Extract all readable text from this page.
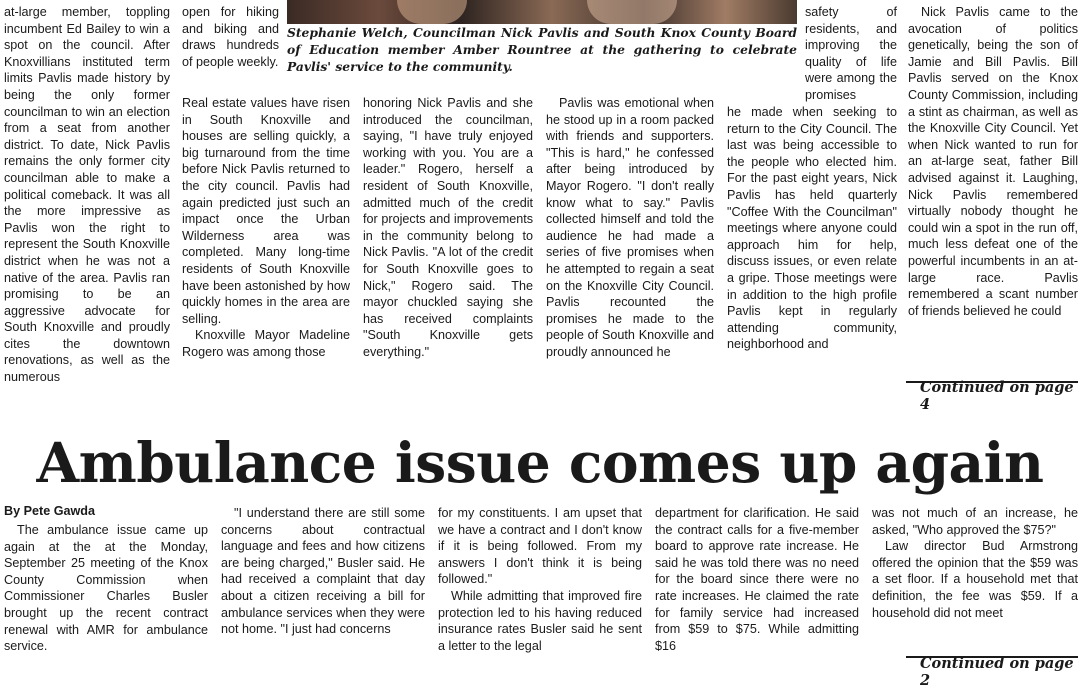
Stephanie Welch, Councilman Nick Pavlis and South Knox County Board of Education member Amber Rountree at the gathering to celebrate Pavlis' service to the community.

at-large member, toppling incumbent Ed Bailey to win a spot on the council. After Knoxvillians instituted term limits Pavlis made history by being the only former councilman to win an election from a seat from another district. To date, Nick Pavlis remains the only former city councilman able to make a political comeback. It was all the more impressive as Pavlis won the right to represent the South Knoxville district when he was not a native of the area. Pavlis ran promising to be an aggressive advocate for South Knoxville and proudly cites the downtown renovations, as well as the numerous

open for hiking and biking and draws hundreds of people weekly.

Real estate values have risen in South Knoxville and houses are selling quickly, a big turnaround from the time before Nick Pavlis returned to the city council. Pavlis had again predicted just such an impact once the Urban Wilderness area was completed. Many long-time residents of South Knoxville have been astonished by how quickly homes in the area are selling.

Knoxville Mayor Madeline Rogero was among those

honoring Nick Pavlis and she introduced the councilman, saying, "I have truly enjoyed working with you. You are a leader." Rogero, herself a resident of South Knoxville, admitted much of the credit for projects and improvements in the community belong to Nick Pavlis. "A lot of the credit for South Knoxville goes to Nick," Rogero said. The mayor chuckled saying she has received complaints "South Knoxville gets everything."

Pavlis was emotional when he stood up in a room packed with friends and supporters. "This is hard," he confessed after being introduced by Mayor Rogero. "I don't really know what to say." Pavlis collected himself and told the audience he had made a series of five promises when he attempted to regain a seat on the Knoxville City Council. Pavlis recounted the promises he made to the people of South Knoxville and proudly announced he

safety of residents, and improving the quality of life were among the promises

he made when seeking to return to the City Council. The last was being accessible to the people who elected him. For the past eight years, Nick Pavlis has held quarterly "Coffee With the Councilman" meetings where anyone could approach him for help, discuss issues, or even relate a gripe. Those meetings were in addition to the high profile Pavlis kept in regularly attending community, neighborhood and

Nick Pavlis came to the avocation of politics genetically, being the son of Jamie and Bill Pavlis. Bill Pavlis served on the Knox County Commission, including a stint as chairman, as well as the Knoxville City Council. Yet when Nick wanted to run for an at-large seat, father Bill advised against it. Laughing, Nick Pavlis remembered virtually nobody thought he could win a spot in the run off, much less defeat one of the powerful incumbents in an at-large race. Pavlis remembered a scant number of friends believed he could

Continued on page 4
Ambulance issue comes up again
By Pete Gawda

The ambulance issue came up again at the at the Monday, September 25 meeting of the Knox County Commission when Commissioner Charles Busler brought up the recent contract renewal with AMR for ambulance service.

"I understand there are still some concerns about contractual language and fees and how citizens are being charged," Busler said. He had received a complaint that day about a citizen receiving a bill for ambulance services when they were not home. "I just had concerns

for my constituents. I am upset that we have a contract and I don't know if it is being followed. From my answers I don't think it is being followed."

While admitting that improved fire protection led to his having reduced insurance rates Busler said he sent a letter to the legal

department for clarification. He said the contract calls for a five-member board to approve rate increase. He said he was told there was no need for the board since there were no rate increases. He claimed the rate for family service had increased from $59 to $75. While admitting $16

was not much of an increase, he asked, "Who approved the $75?"

Law director Bud Armstrong offered the opinion that the $59 was a set floor. If a household met that definition, the fee was $59. If a household did not meet

Continued on page 2
